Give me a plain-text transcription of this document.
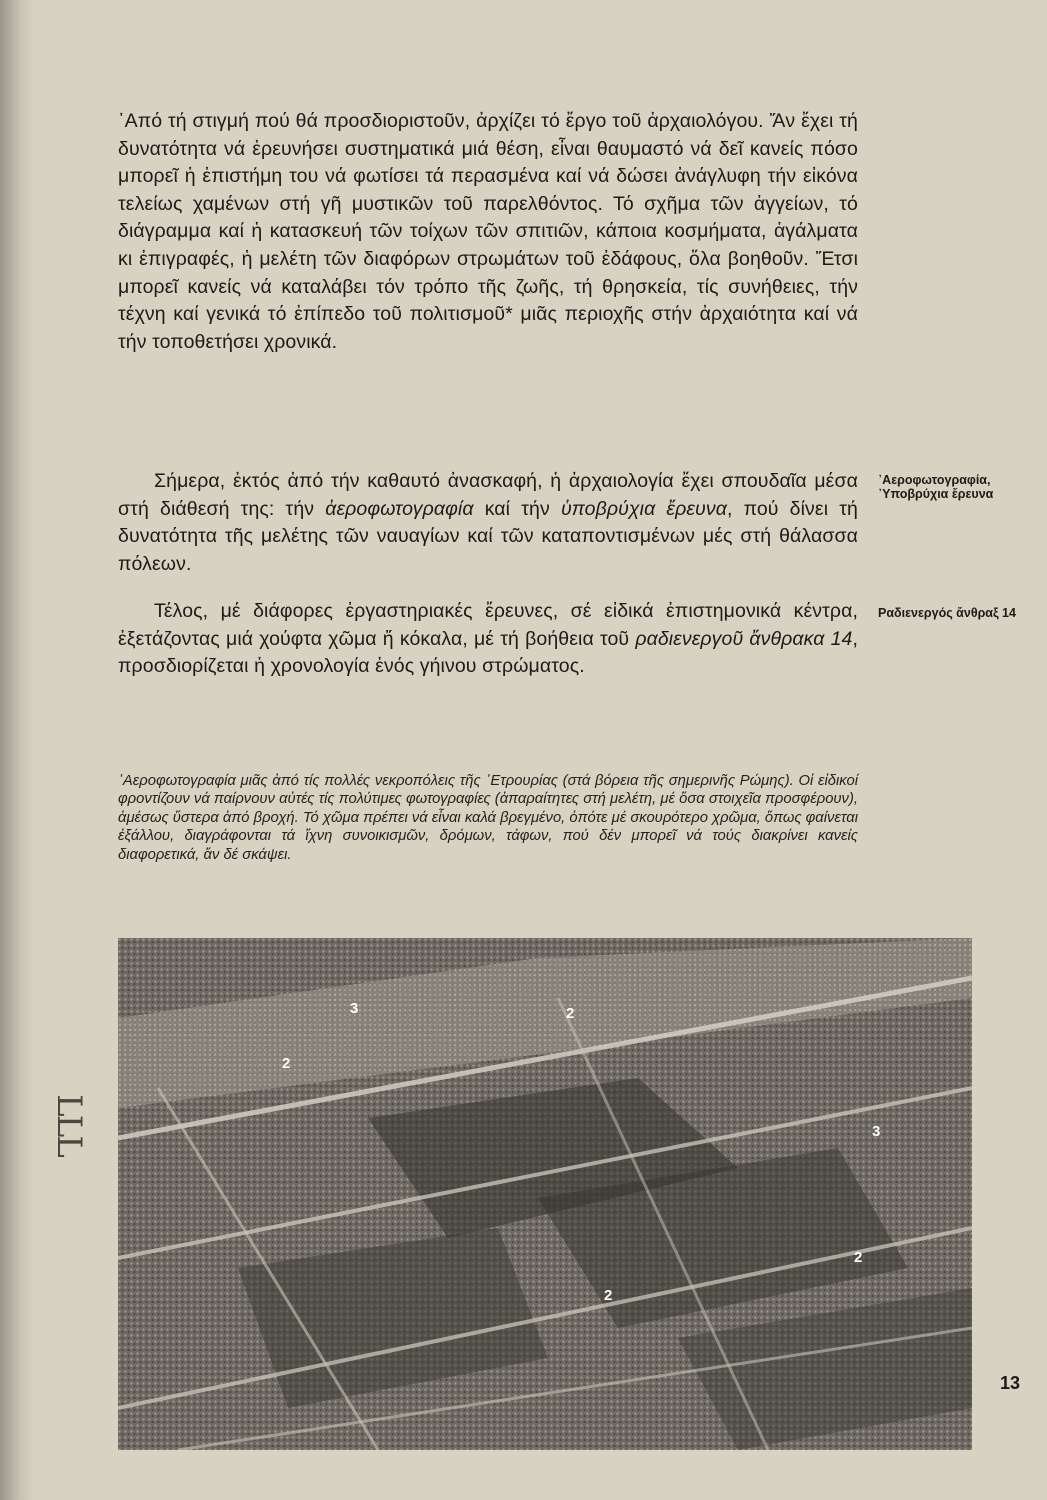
᾿Από τή στιγμή πού θά προσδιοριστοῦν, ἀρχίζει τό ἔργο τοῦ ἀρχαιολόγου. Ἄν ἔχει τή δυνατότητα νά ἐρευνήσει συστηματικά μιά θέση, εἶναι θαυμαστό νά δεῖ κανείς πόσο μπορεῖ ἡ ἐπιστήμη του νά φωτίσει τά περασμένα καί νά δώσει ἀνάγλυφη τήν εἰκόνα τελείως χαμένων στή γῆ μυστικῶν τοῦ παρελθόντος. Τό σχῆμα τῶν ἀγγείων, τό διάγραμμα καί ἡ κατασκευή τῶν τοίχων τῶν σπιτιῶν, κάποια κοσμήματα, ἀγάλματα κι ἐπιγραφές, ἡ μελέτη τῶν διαφόρων στρωμάτων τοῦ ἐδάφους, ὅλα βοηθοῦν. Ἔτσι μπορεῖ κανείς νά καταλάβει τόν τρόπο τῆς ζωῆς, τή θρησκεία, τίς συνήθειες, τήν τέχνη καί γενικά τό ἐπίπεδο τοῦ πολιτισμοῦ* μιᾶς περιοχῆς στήν ἀρχαιότητα καί νά τήν τοποθετήσει χρονικά.

Σήμερα, ἐκτός ἀπό τήν καθαυτό ἀνασκαφή, ἡ ἀρχαιολογία ἔχει σπουδαῖα μέσα στή διάθεσή της: τήν ἀεροφωτογραφία καί τήν ὑποβρύχια ἔρευνα, πού δίνει τή δυνατότητα τῆς μελέτης τῶν ναυαγίων καί τῶν καταποντισμένων μές στή θάλασσα πόλεων.

Τέλος, μέ διάφορες ἐργαστηριακές ἔρευνες, σέ εἰδικά ἐπιστημονικά κέντρα, ἐξετάζοντας μιά χούφτα χῶμα ἤ κόκαλα, μέ τή βοήθεια τοῦ ραδιενεργοῦ ἄνθρακα 14, προσδιορίζεται ἡ χρονολογία ἑνός γήινου στρώματος.

᾿Αεροφωτογραφία, ᾿Υποβρύχια ἔρευνα
Ραδιενεργός ἄνθραξ 14
᾿Αεροφωτογραφία μιᾶς ἀπό τίς πολλές νεκροπόλεις τῆς ᾿Ετρουρίας (στά βόρεια τῆς σημερινῆς Ρώμης). Οἱ εἰδικοί φροντίζουν νά παίρνουν αὐτές τίς πολύτιμες φωτογραφίες (ἀπαραίτητες στή μελέτη, μέ ὅσα στοιχεῖα προσφέρουν), ἀμέσως ὕστερα ἀπό βροχή. Τό χῶμα πρέπει νά εἶναι καλά βρεγμένο, ὁπότε μέ σκουρότερο χρῶμα, ὅπως φαίνεται ἐξάλλου, διαγράφονται τά ἴχνη συνοικισμῶν, δρόμων, τάφων, πού δέν μπορεῖ νά τούς διακρίνει κανείς διαφορετικά, ἄν δέ σκάψει.
3	2
2
3
2
2
13
LLL
